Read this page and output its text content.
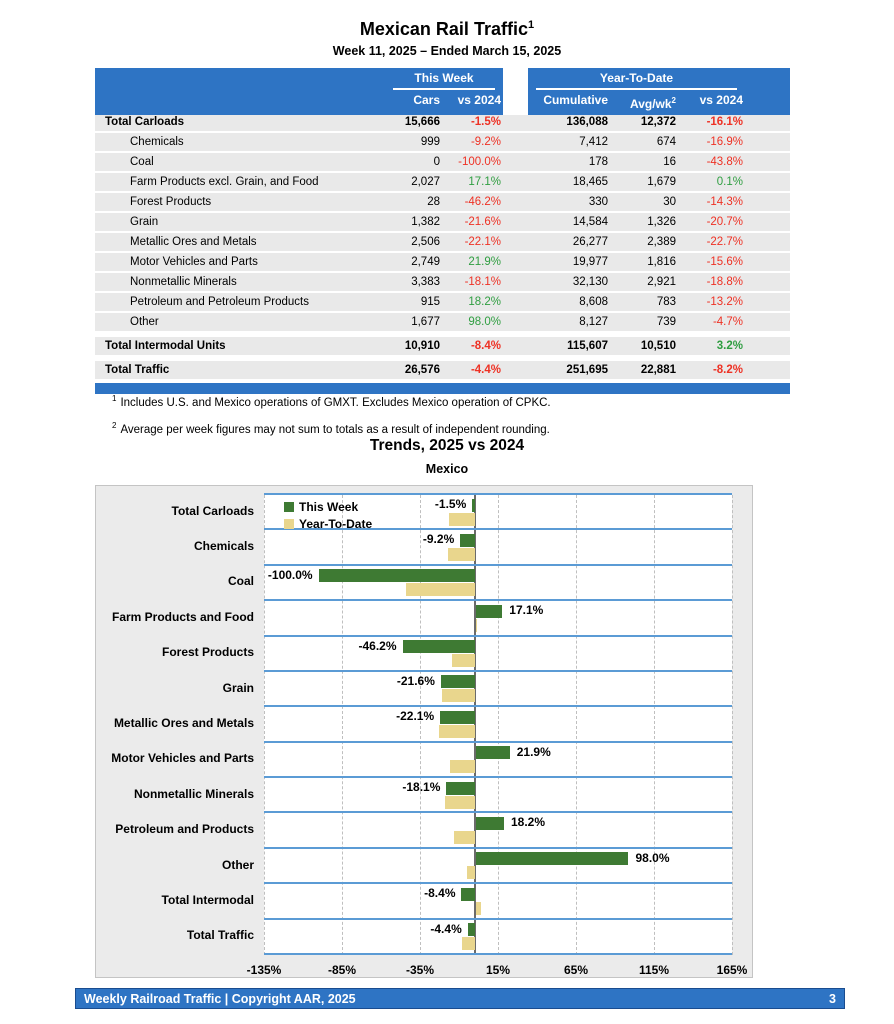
Mexican Rail Traffic$^1$
Week 11, 2025 – Ended March 15, 2025
This Week	Year-To-Date
Cars	vs 2024	Cumulative	Avg/$wk^2$	vs 2024
Total Carloads	15,666	-1.5%	136,088	12,372	-16.1%
Chemicals	999	-9.2%	7,412	674	-16.9%
Coal	0	-100.0%	178	16	-43.8%
Farm Products excl. Grain, and Food	2,027	17.1%	18,465	1,679	0.1%
Forest Products	28	-46.2%	330	30	-14.3%
Grain	1,382	-21.6%	14,584	1,326	-20.7%
Metallic Ores and Metals	2,506	-22.1%	26,277	2,389	-22.7%
Motor Vehicles and Parts	2,749	21.9%	19,977	1,816	-15.6%
Nonmetallic Minerals	3,383	-18.1%	32,130	2,921	-18.8%
Petroleum and Petroleum Products	915	18.2%	8,608	783	-13.2%
Other	1,677	98.0%	8,127	739	-4.7%
Total Intermodal Units	10,910	-8.4%	115,607	10,510	3.2%
Total Traffic	26,576	-4.4%	251,695	22,881	-8.2%
$^1$ Includes U.S. and Mexico operations of GMXT. Excludes Mexico operation of CPKC.
$^2$ Average per week figures may not sum to totals as a result of independent rounding.
Trends, 2025 vs 2024
Mexico
-1.5%
-9.2%
-100.0%
17.1%
-46.2%
-21.6%
-22.1%
21.9%
-18.1%
18.2%
98.0%
-8.4%
-4.4%
Total Carloads
Chemicals
Coal
Farm Products and Food
Forest Products
Grain
Metallic Ores and Metals
Motor Vehicles and Parts
Nonmetallic Minerals
Petroleum and Products
Other
Total Intermodal
Total Traffic
-135%	-85%	-35%	15%	65%	115%	165%
This Week
Year-To-Date
Weekly Railroad Traffic | Copyright AAR, 2025	3
